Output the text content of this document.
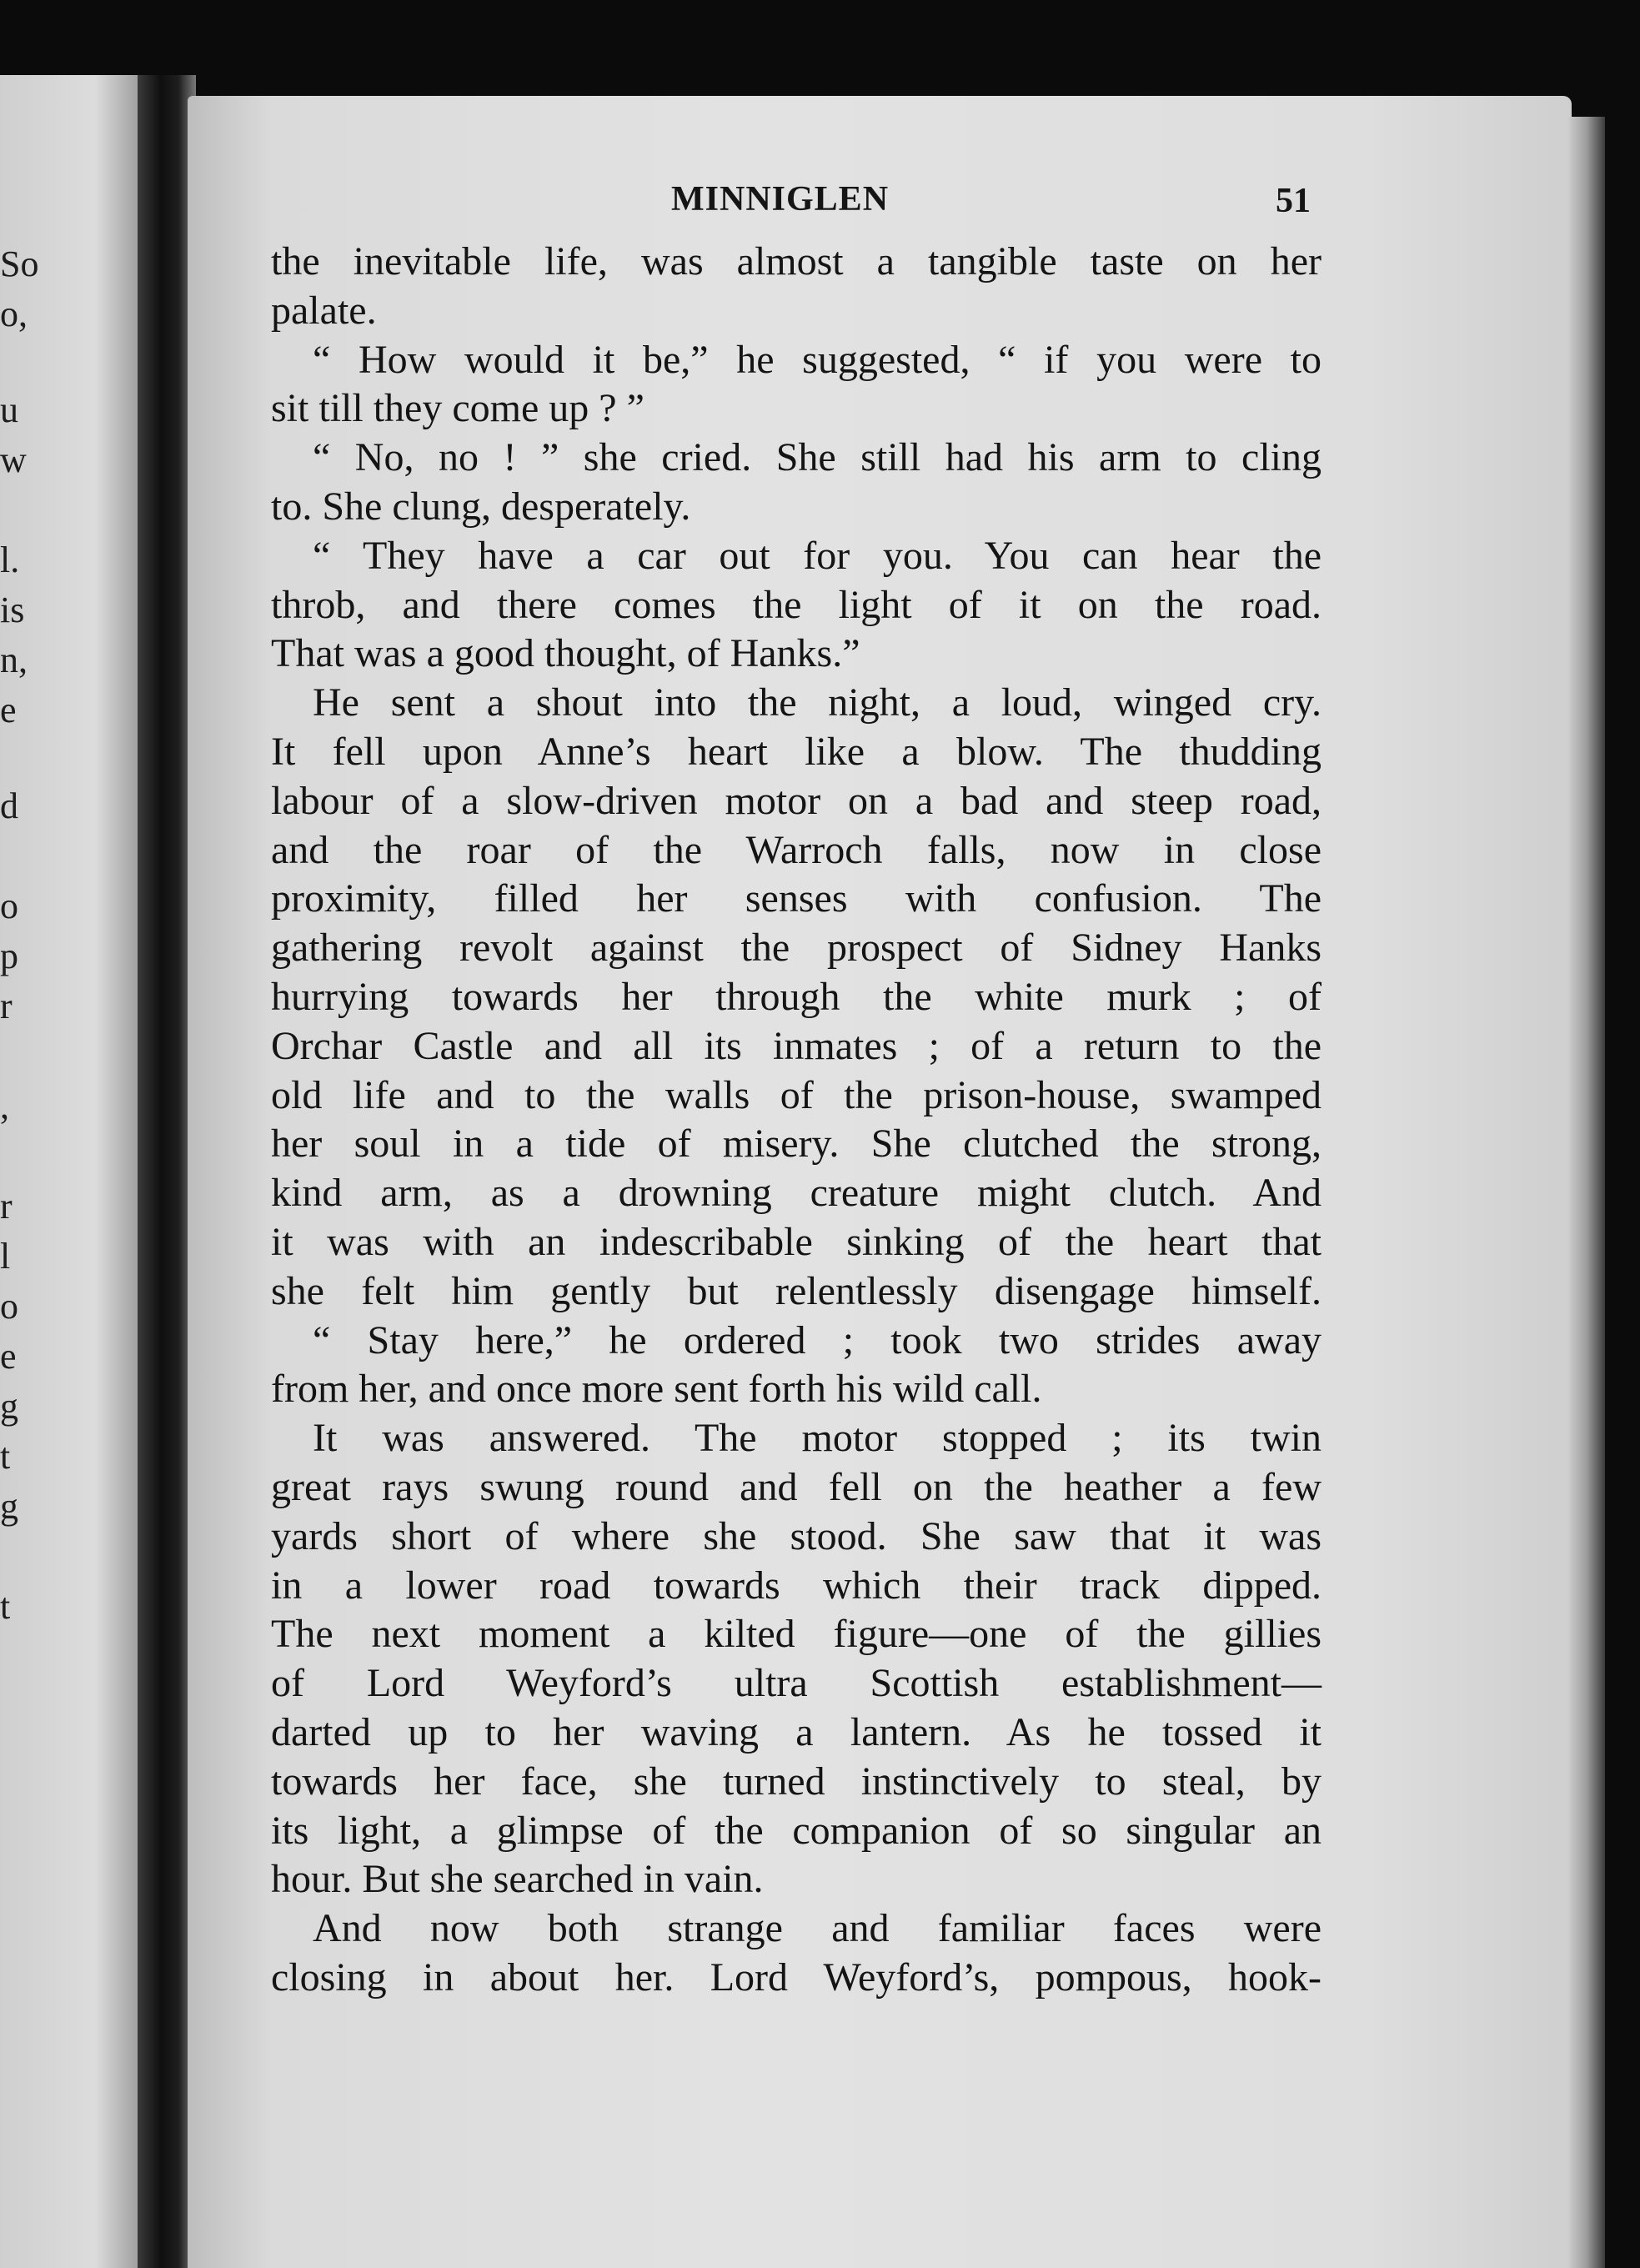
So
o,
u
w
l.
is
n,
e
d
o
p
r
,
r
l
o
e
g
t
g
t
MINNIGLEN	51
the inevitable life, was almost a tangible taste on her
palate.
“ How would it be,” he suggested, “ if you were to
sit till they come up ? ”
“ No, no ! ” she cried. She still had his arm to cling
to. She clung, desperately.
“ They have a car out for you. You can hear the
throb, and there comes the light of it on the road.
That was a good thought, of Hanks.”
He sent a shout into the night, a loud, winged cry.
It fell upon Anne’s heart like a blow. The thudding
labour of a slow-driven motor on a bad and steep road,
and the roar of the Warroch falls, now in close
proximity, filled her senses with confusion. The
gathering revolt against the prospect of Sidney Hanks
hurrying towards her through the white murk ; of
Orchar Castle and all its inmates ; of a return to the
old life and to the walls of the prison-house, swamped
her soul in a tide of misery. She clutched the strong,
kind arm, as a drowning creature might clutch. And
it was with an indescribable sinking of the heart that
she felt him gently but relentlessly disengage himself.
“ Stay here,” he ordered ; took two strides away
from her, and once more sent forth his wild call.
It was answered. The motor stopped ; its twin
great rays swung round and fell on the heather a few
yards short of where she stood. She saw that it was
in a lower road towards which their track dipped.
The next moment a kilted figure—one of the gillies
of Lord Weyford’s ultra Scottish establishment—
darted up to her waving a lantern. As he tossed it
towards her face, she turned instinctively to steal, by
its light, a glimpse of the companion of so singular an
hour. But she searched in vain.
And now both strange and familiar faces were
closing in about her. Lord Weyford’s, pompous, hook-
